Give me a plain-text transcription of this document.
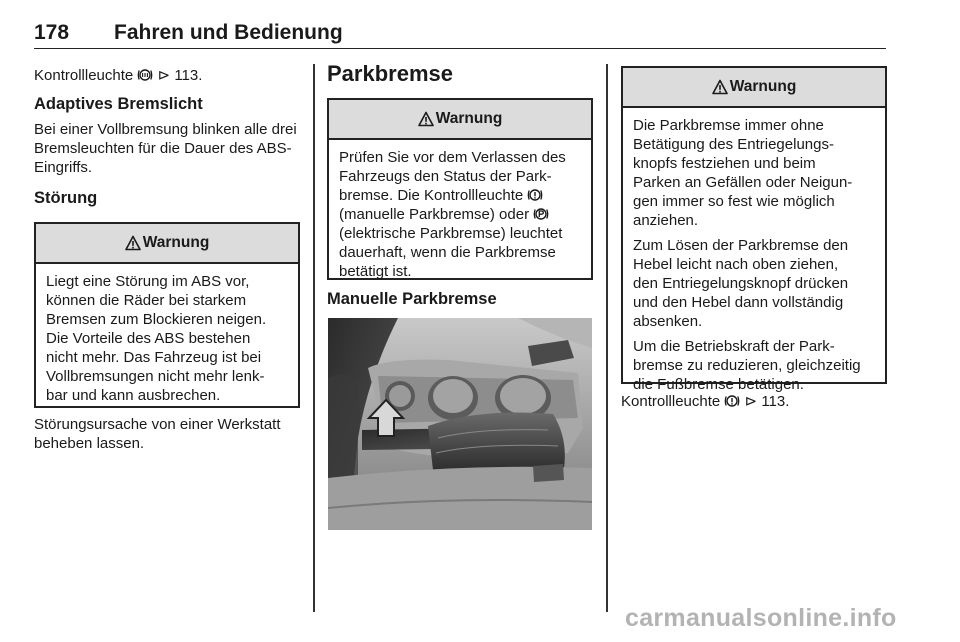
178 Fahren und Bedienung

Kontrollleuchte ⊳ 113.

Adaptives Bremslicht

Bei einer Vollbremsung blinken alle drei Bremsleuchten für die Dauer des ABS-Eingriffs.

Störung

Warnung
Liegt eine Störung im ABS vor,
können die Räder bei starkem
Bremsen zum Blockieren neigen.
Die Vorteile des ABS bestehen
nicht mehr. Das Fahrzeug ist bei
Vollbremsungen nicht mehr lenk-
bar und kann ausbrechen.

Störungsursache von einer Werkstatt beheben lassen.

Parkbremse

Warnung
Prüfen Sie vor dem Verlassen des
Fahrzeugs den Status der Park-
bremse. Die Kontrollleuchte
(manuelle Parkbremse) oder
(elektrische Parkbremse) leuchtet
dauerhaft, wenn die Parkbremse
betätigt ist.

Manuelle Parkbremse

Warnung

Die Parkbremse immer ohne
Betätigung des Entriegelungs-
knopfs festziehen und beim
Parken an Gefällen oder Neigun-
gen immer so fest wie möglich
anziehen.

Zum Lösen der Parkbremse den
Hebel leicht nach oben ziehen,
den Entriegelungsknopf drücken
und den Hebel dann vollständig
absenken.

Um die Betriebskraft der Park-
bremse zu reduzieren, gleichzeitig
die Fußbremse betätigen.

Kontrollleuchte ⊳ 113.

carmanualsonline.info
